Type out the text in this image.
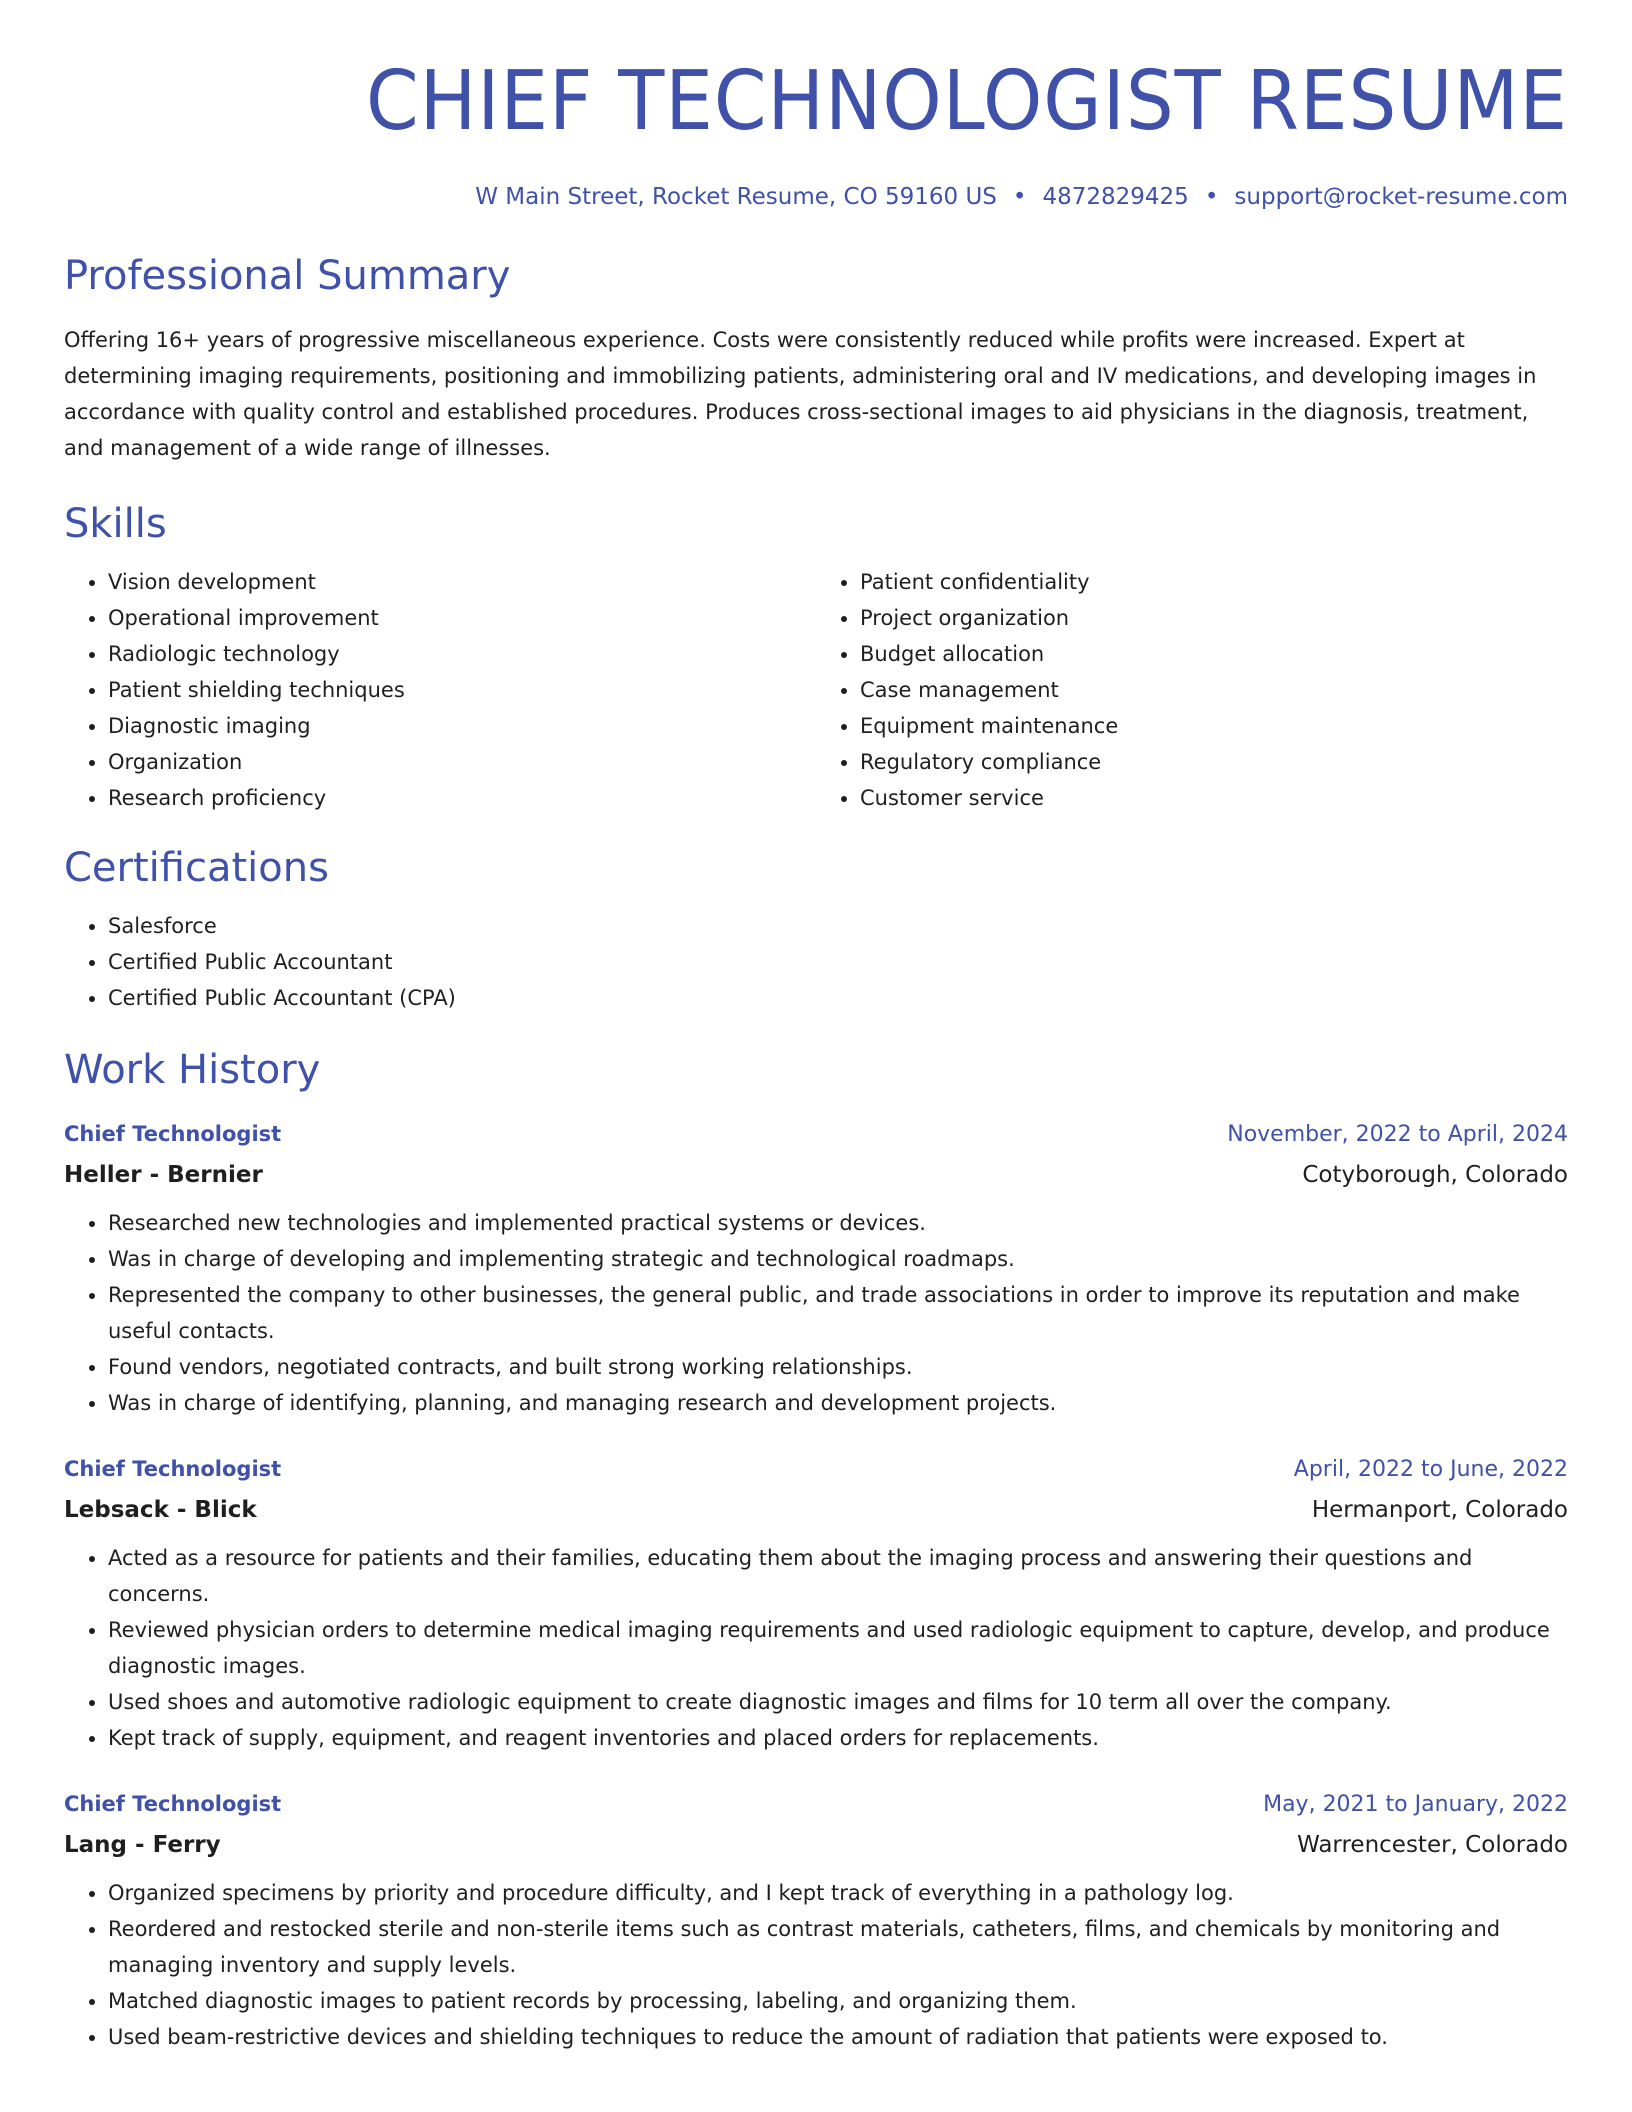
CHIEF TECHNOLOGIST RESUME
W Main Street, Rocket Resume, CO 59160 US • 4872829425 • support@rocket-resume.com
Professional Summary
Offering 16+ years of progressive miscellaneous experience. Costs were consistently reduced while profits were increased. Expert at determining imaging requirements, positioning and immobilizing patients, administering oral and IV medications, and developing images in accordance with quality control and established procedures. Produces cross-sectional images to aid physicians in the diagnosis, treatment, and management of a wide range of illnesses.
Skills
• Vision development
• Operational improvement
• Radiologic technology
• Patient shielding techniques
• Diagnostic imaging
• Organization
• Research proficiency
• Patient confidentiality
• Project organization
• Budget allocation
• Case management
• Equipment maintenance
• Regulatory compliance
• Customer service
Certifications
• Salesforce
• Certified Public Accountant
• Certified Public Accountant (CPA)
Work History
Chief Technologist	November, 2022 to April, 2024
Heller - Bernier	Cotyborough, Colorado
• Researched new technologies and implemented practical systems or devices.
• Was in charge of developing and implementing strategic and technological roadmaps.
• Represented the company to other businesses, the general public, and trade associations in order to improve its reputation and make useful contacts.
• Found vendors, negotiated contracts, and built strong working relationships.
• Was in charge of identifying, planning, and managing research and development projects.
Chief Technologist	April, 2022 to June, 2022
Lebsack - Blick	Hermanport, Colorado
• Acted as a resource for patients and their families, educating them about the imaging process and answering their questions and concerns.
• Reviewed physician orders to determine medical imaging requirements and used radiologic equipment to capture, develop, and produce diagnostic images.
• Used shoes and automotive radiologic equipment to create diagnostic images and films for 10 term all over the company.
• Kept track of supply, equipment, and reagent inventories and placed orders for replacements.
Chief Technologist	May, 2021 to January, 2022
Lang - Ferry	Warrencester, Colorado
• Organized specimens by priority and procedure difficulty, and I kept track of everything in a pathology log.
• Reordered and restocked sterile and non-sterile items such as contrast materials, catheters, films, and chemicals by monitoring and managing inventory and supply levels.
• Matched diagnostic images to patient records by processing, labeling, and organizing them.
• Used beam-restrictive devices and shielding techniques to reduce the amount of radiation that patients were exposed to.
